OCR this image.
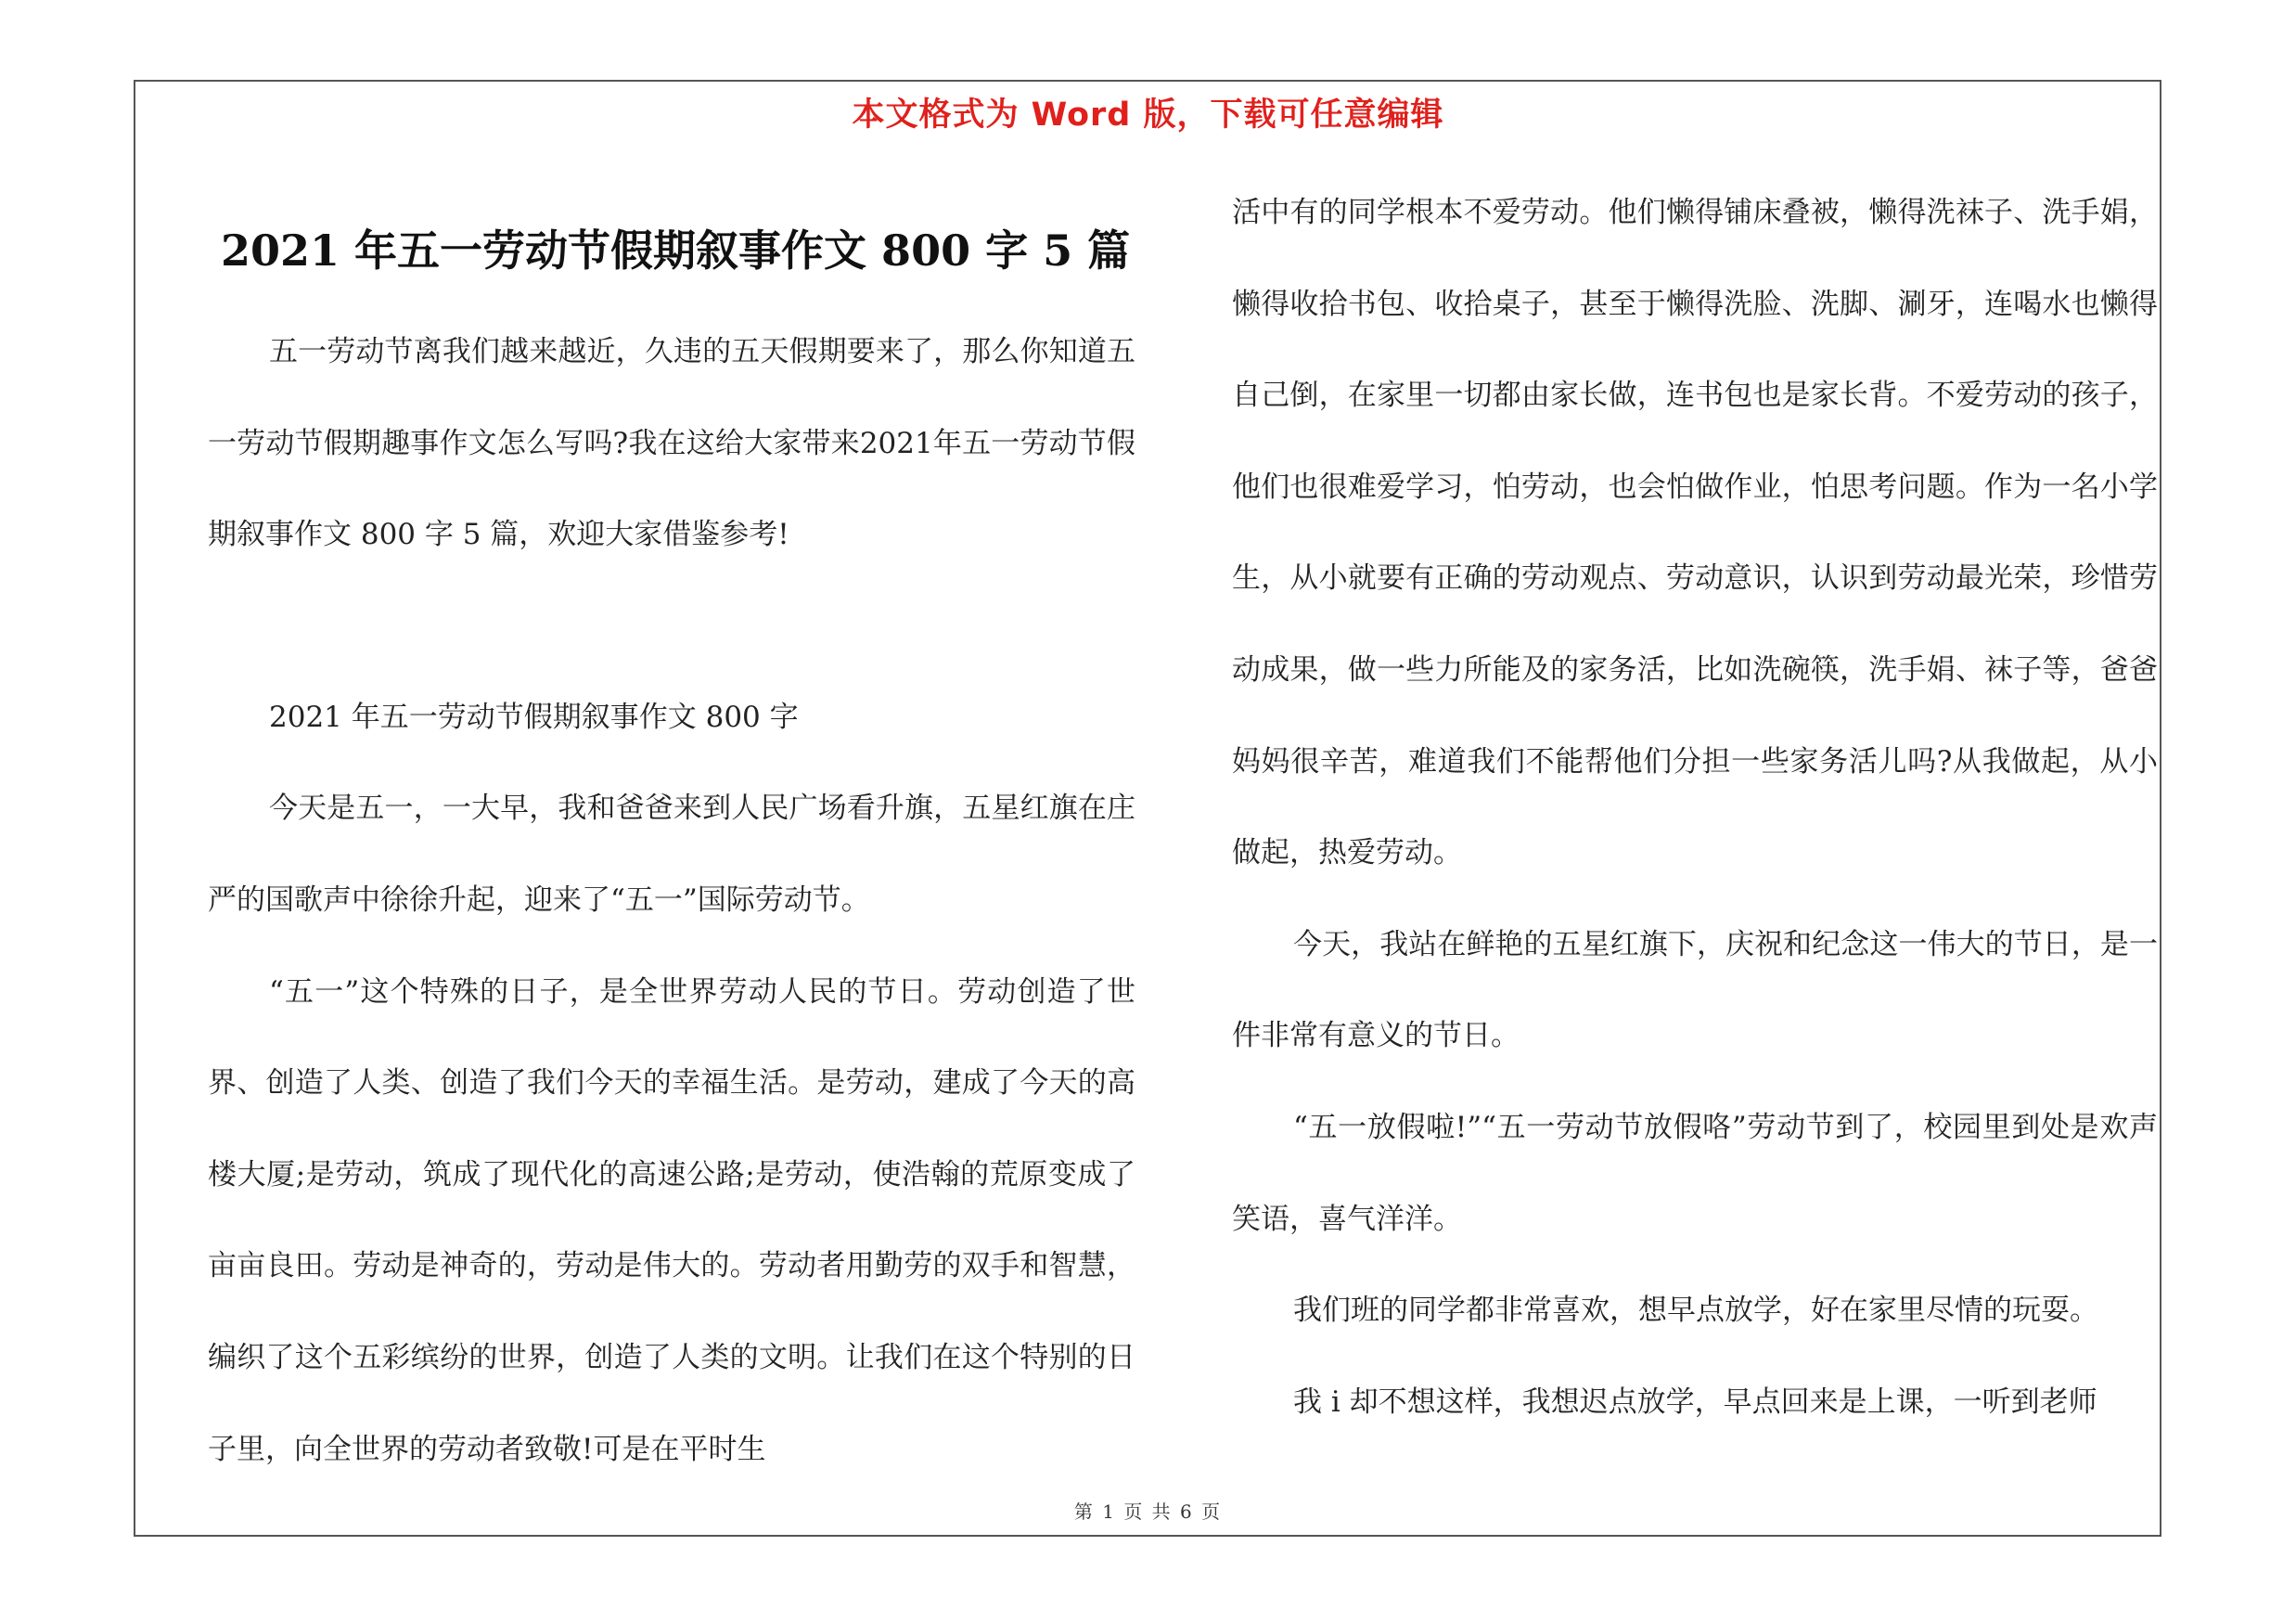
本文格式为 Word 版，下载可任意编辑
2021 年五一劳动节假期叙事作文 800 字 5 篇

五一劳动节离我们越来越近，久违的五天假期要来了，那么你知道五一劳动节假期趣事作文怎么写吗?我在这给大家带来2021年五一劳动节假期叙事作文 800 字 5 篇，欢迎大家借鉴参考!

2021 年五一劳动节假期叙事作文 800 字

今天是五一，一大早，我和爸爸来到人民广场看升旗，五星红旗在庄严的国歌声中徐徐升起，迎来了“五一”国际劳动节。

“五一”这个特殊的日子，是全世界劳动人民的节日。劳动创造了世界、创造了人类、创造了我们今天的幸福生活。是劳动，建成了今天的高楼大厦;是劳动，筑成了现代化的高速公路;是劳动，使浩翰的荒原变成了亩亩良田。劳动是神奇的，劳动是伟大的。劳动者用勤劳的双手和智慧，编织了这个五彩缤纷的世界，创造了人类的文明。让我们在这个特别的日子里，向全世界的劳动者致敬!可是在平时生

活中有的同学根本不爱劳动。他们懒得铺床叠被，懒得洗袜子、洗手娟，懒得收拾书包、收拾桌子，甚至于懒得洗脸、洗脚、涮牙，连喝水也懒得自己倒，在家里一切都由家长做，连书包也是家长背。不爱劳动的孩子，他们也很难爱学习，怕劳动，也会怕做作业，怕思考问题。作为一名小学生，从小就要有正确的劳动观点、劳动意识，认识到劳动最光荣，珍惜劳动成果，做一些力所能及的家务活，比如洗碗筷，洗手娟、袜子等，爸爸妈妈很辛苦，难道我们不能帮他们分担一些家务活儿吗?从我做起，从小做起，热爱劳动。

今天，我站在鲜艳的五星红旗下，庆祝和纪念这一伟大的节日，是一件非常有意义的节日。

“五一放假啦!”“五一劳动节放假咯”劳动节到了，校园里到处是欢声笑语，喜气洋洋。

我们班的同学都非常喜欢，想早点放学，好在家里尽情的玩耍。

我 i 却不想这样，我想迟点放学，早点回来是上课，一听到老师

第 1 页 共 6 页
